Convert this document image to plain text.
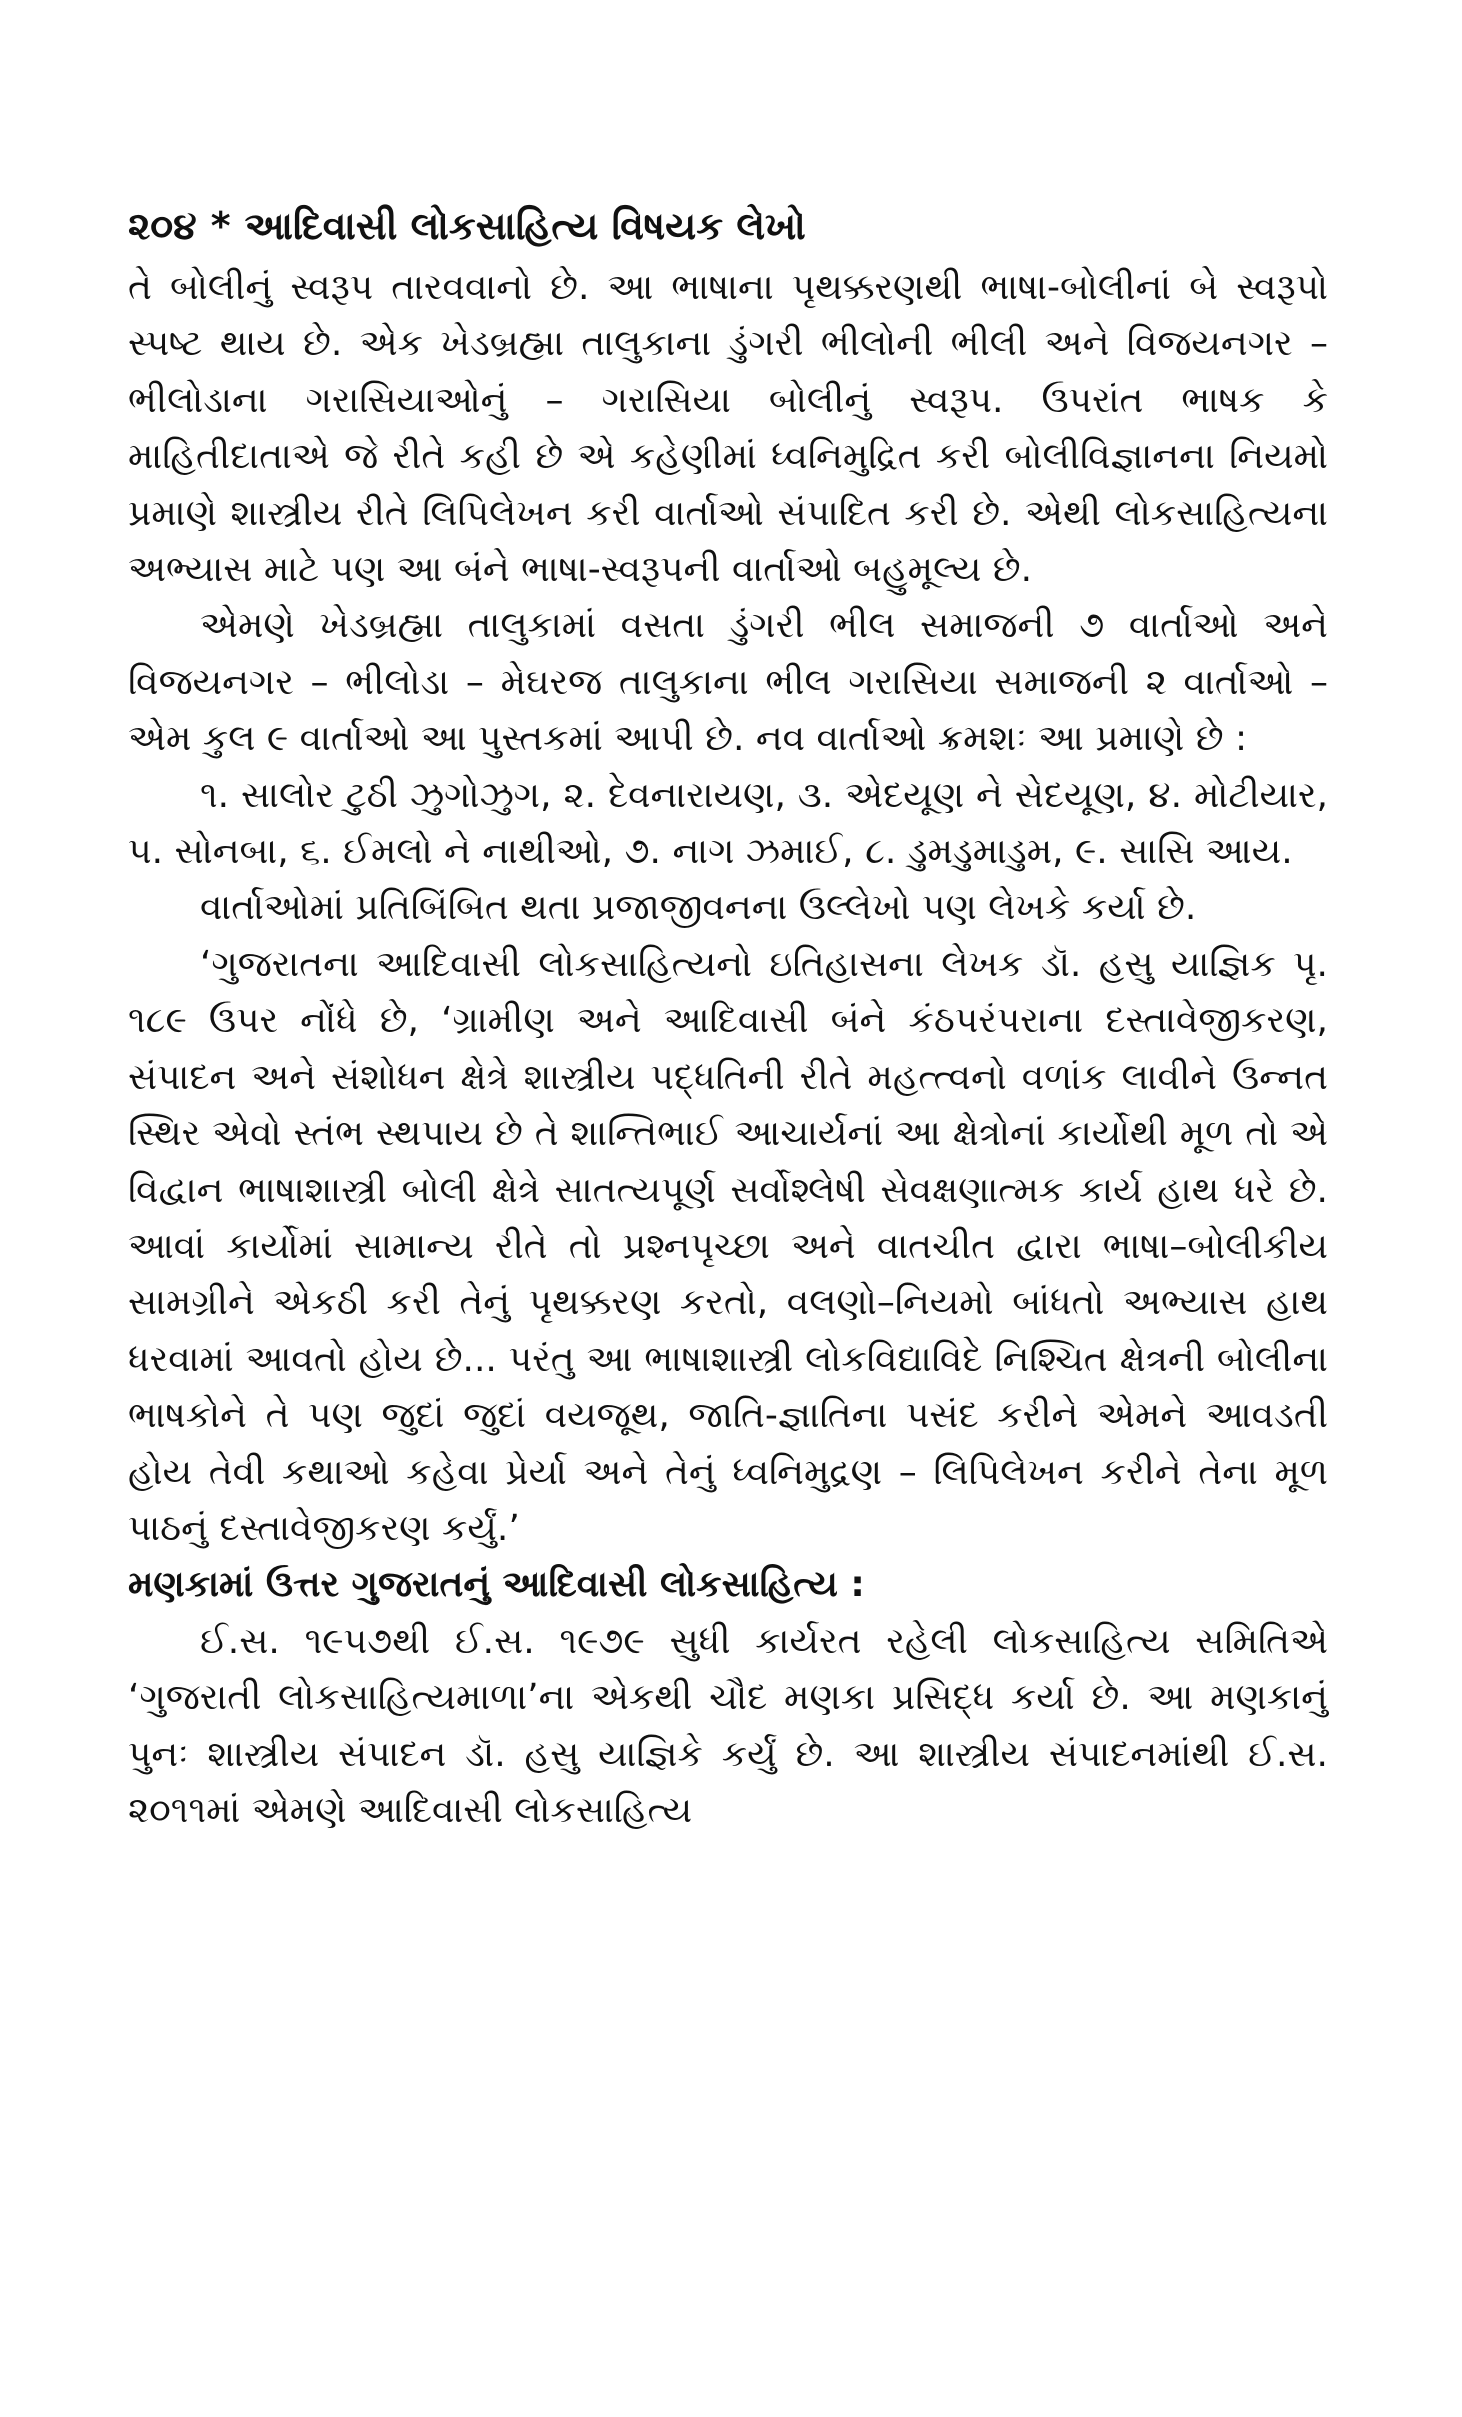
૨૦૪ * આદિવાસી લોકસાહિત્ય વિષયક લેખો

તે બોલીનું સ્વરૂપ તારવવાનો છે. આ ભાષાના પૃથક્કરણથી ભાષા-બોલીનાં બે સ્વરૂપો સ્પષ્ટ થાય છે. એક ખેડબ્રહ્મા તાલુકાના ડુંગરી ભીલોની ભીલી અને વિજયનગર – ભીલોડાના ગરાસિયાઓનું – ગરાસિયા બોલીનું સ્વરૂપ. ઉપરાંત ભાષક કે માહિતીદાતાએ જે રીતે કહી છે એ કહેણીમાં ધ્વનિમુદ્રિત કરી બોલીવિજ્ઞાનના નિયમો પ્રમાણે શાસ્ત્રીય રીતે લિપિલેખન કરી વાર્તાઓ સંપાદિત કરી છે. એથી લોકસાહિત્યના અભ્યાસ માટે પણ આ બંને ભાષા-સ્વરૂપની વાર્તાઓ બહુમૂલ્ય છે.

એમણે ખેડબ્રહ્મા તાલુકામાં વસતા ડુંગરી ભીલ સમાજની ૭ વાર્તાઓ અને વિજયનગર – ભીલોડા – મેઘરજ તાલુકાના ભીલ ગરાસિયા સમાજની ૨ વાર્તાઓ – એમ કુલ ૯ વાર્તાઓ આ પુસ્તકમાં આપી છે. નવ વાર્તાઓ ક્રમશઃ આ પ્રમાણે છે :

૧. સાલોર ટુઠી ઝુગોઝુગ, ૨. દેવનારાયણ, ૩. એદયૂણ ને સેદયૂણ, ૪. મોટીયાર, ૫. સોનબા, ૬. ઈમલો ને નાથીઓ, ૭. નાગ ઝમાઈ, ૮. ડુમડુમાડુમ, ૯. સાસિ આય.

વાર્તાઓમાં પ્રતિબિંબિત થતા પ્રજાજીવનના ઉલ્લેખો પણ લેખકે કર્યા છે.

‘ગુજરાતના આદિવાસી લોકસાહિત્યનો ઇતિહાસના લેખક ડૉ. હસુ યાજ્ઞિક પૃ. ૧૮૯ ઉપર નોંધે છે, ‘ગ્રામીણ અને આદિવાસી બંને કંઠપરંપરાના દસ્તાવેજીકરણ, સંપાદન અને સંશોધન ક્ષેત્રે શાસ્ત્રીય પદ્ધતિની રીતે મહત્ત્વનો વળાંક લાવીને ઉન્નત સ્થિર એવો સ્તંભ સ્થપાય છે તે શાન્તિભાઈ આચાર્યનાં આ ક્ષેત્રોનાં કાર્યોથી મૂળ તો એ વિદ્વાન ભાષાશાસ્ત્રી બોલી ક્ષેત્રે સાતત્યપૂર્ણ સર્વોશ્લેષી સેવક્ષણાત્મક કાર્ય હાથ ધરે છે. આવાં કાર્યોમાં સામાન્ય રીતે તો પ્રશ્નપૃચ્છા અને વાતચીત દ્વારા ભાષા–બોલીકીય સામગ્રીને એકઠી કરી તેનું પૃથક્કરણ કરતો, વલણો–નિયમો બાંધતો અભ્યાસ હાથ ધરવામાં આવતો હોય છે... પરંતુ આ ભાષાશાસ્ત્રી લોકવિદ્યાવિદે નિશ્ચિત ક્ષેત્રની બોલીના ભાષકોને તે પણ જુદાં જુદાં વયજૂથ, જાતિ-જ્ઞાતિના પસંદ કરીને એમને આવડતી હોય તેવી કથાઓ કહેવા પ્રેર્યા અને તેનું ધ્વનિમુદ્રણ – લિપિલેખન કરીને તેના મૂળ પાઠનું દસ્તાવેજીકરણ કર્યું.’

મણકામાં ઉત્તર ગુજરાતનું આદિવાસી લોકસાહિત્ય :

ઈ.સ. ૧૯૫૭થી ઈ.સ. ૧૯૭૯ સુધી કાર્યરત રહેલી લોકસાહિત્ય સમિતિએ ‘ગુજરાતી લોકસાહિત્યમાળા’ના એકથી ચૌદ મણકા પ્રસિદ્ધ કર્યા છે. આ મણકાનું પુનઃ શાસ્ત્રીય સંપાદન ડૉ. હસુ યાજ્ઞિકે કર્યું છે. આ શાસ્ત્રીય સંપાદનમાંથી ઈ.સ. ૨૦૧૧માં એમણે આદિવાસી લોકસાહિત્ય
